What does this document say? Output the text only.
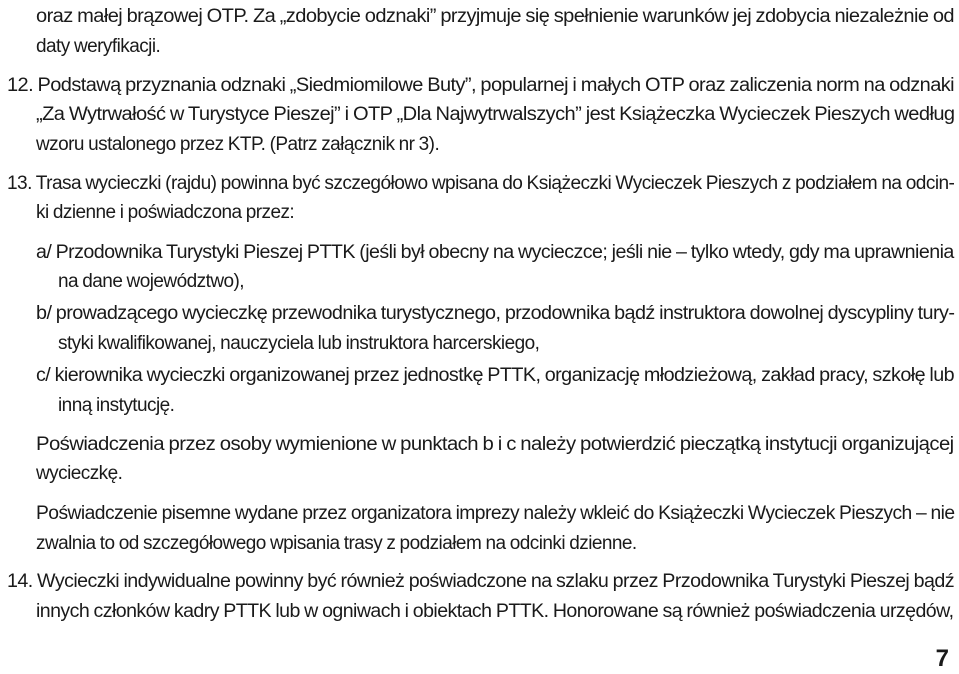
oraz małej brązowej OTP. Za „zdobycie odznaki” przyjmuje się spełnienie warunków jej zdobycia niezależnie od
daty weryfikacji.
12. Podstawą przyznania odznaki „Siedmiomilowe Buty”, popularnej i małych OTP oraz zaliczenia norm na odznaki
„Za Wytrwałość w Turystyce Pieszej” i OTP „Dla Najwytrwalszych” jest Książeczka Wycieczek Pieszych według
wzoru ustalonego przez KTP. (Patrz załącznik nr 3).
13. Trasa wycieczki (rajdu) powinna być szczegółowo wpisana do Książeczki Wycieczek Pieszych z podziałem na odcin-
ki dzienne i poświadczona przez:
a/ Przodownika Turystyki Pieszej PTTK (jeśli był obecny na wycieczce; jeśli nie – tylko wtedy, gdy ma uprawnienia
na dane województwo),
b/ prowadzącego wycieczkę przewodnika turystycznego, przodownika bądź instruktora dowolnej dyscypliny tury-
styki kwalifikowanej, nauczyciela lub instruktora harcerskiego,
c/ kierownika wycieczki organizowanej przez jednostkę PTTK, organizację młodzieżową, zakład pracy, szkołę lub
inną instytucję.
Poświadczenia przez osoby wymienione w punktach b i c należy potwierdzić pieczątką instytucji organizującej
wycieczkę.
Poświadczenie pisemne wydane przez organizatora imprezy należy wkleić do Książeczki Wycieczek Pieszych – nie
zwalnia to od szczegółowego wpisania trasy z podziałem na odcinki dzienne.
14. Wycieczki indywidualne powinny być również poświadczone na szlaku przez Przodownika Turystyki Pieszej bądź
innych członków kadry PTTK lub w ogniwach i obiektach PTTK. Honorowane są również poświadczenia urzędów,
7
